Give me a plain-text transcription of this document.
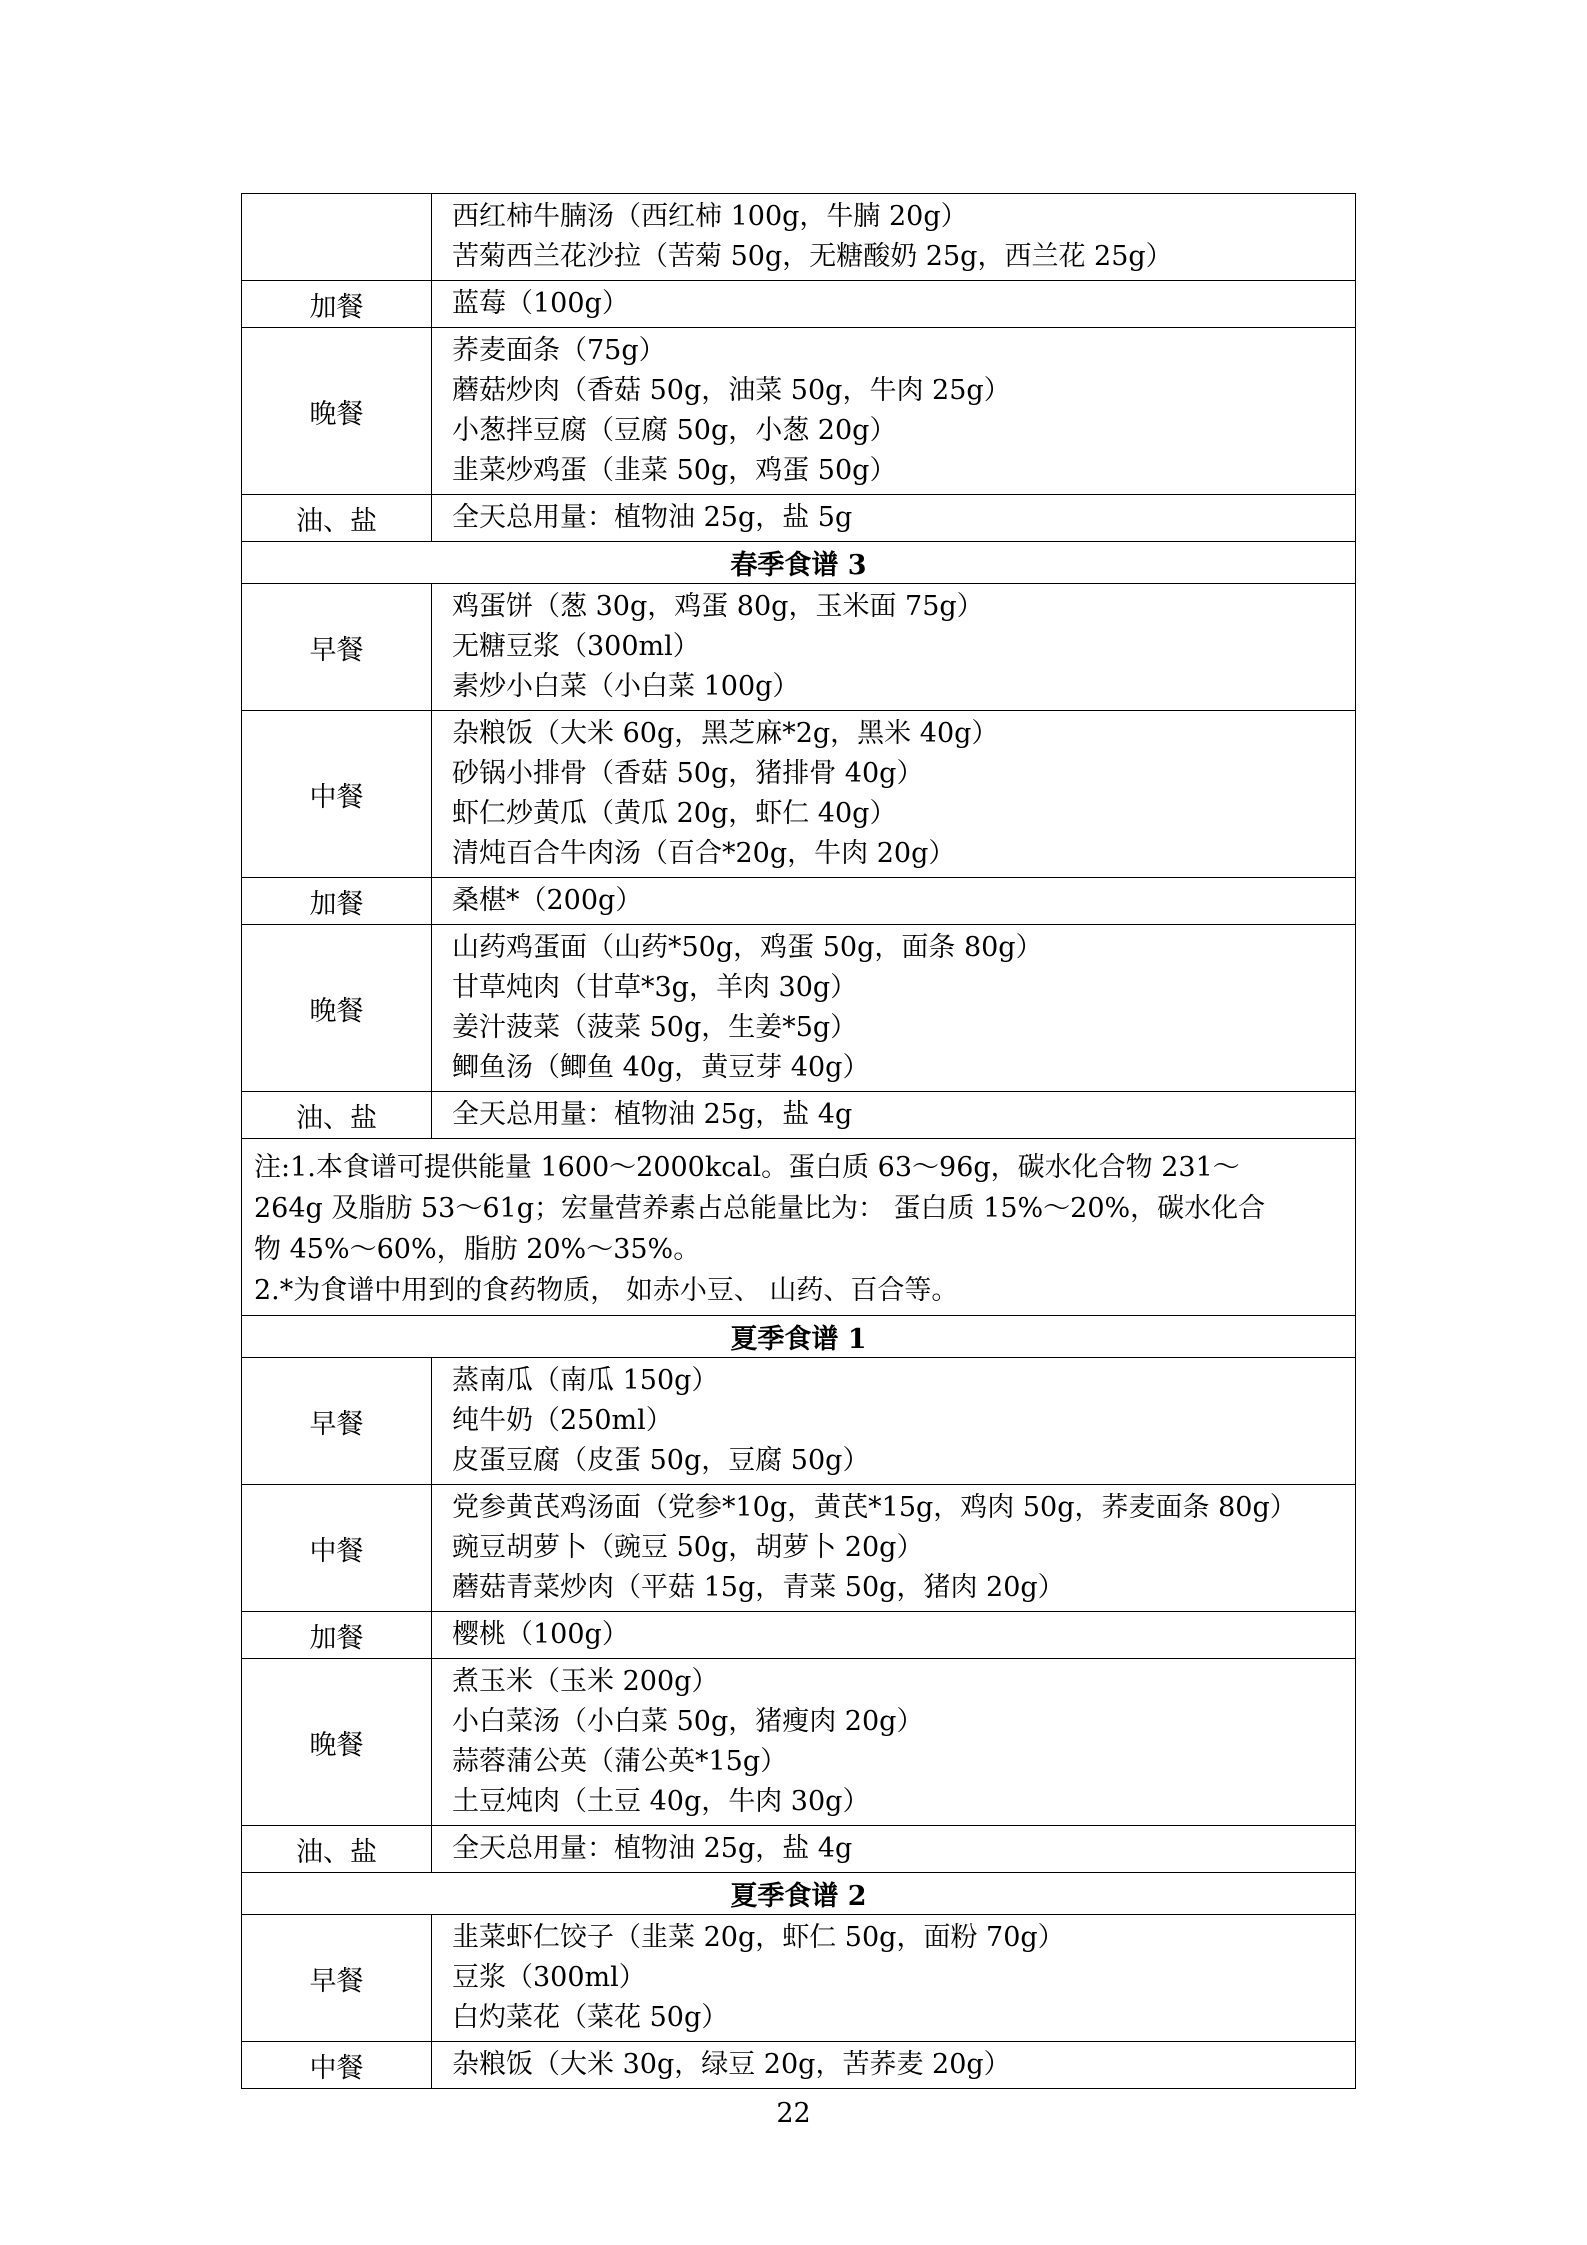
	西红柿牛腩汤（西红柿 100g，牛腩 20g）
苦菊西兰花沙拉（苦菊 50g，无糖酸奶 25g，西兰花 25g）

加餐	蓝莓（100g）

晚餐	荞麦面条（75g）
蘑菇炒肉（香菇 50g，油菜 50g，牛肉 25g）
小葱拌豆腐（豆腐 50g，小葱 20g）
韭菜炒鸡蛋（韭菜 50g，鸡蛋 50g）

油、盐	全天总用量：植物油 25g，盐 5g

春季食谱 3	
早餐	鸡蛋饼（葱 30g，鸡蛋 80g，玉米面 75g）
无糖豆浆（300ml）
素炒小白菜（小白菜 100g）

中餐	杂粮饭（大米 60g，黑芝麻*2g，黑米 40g）
砂锅小排骨（香菇 50g，猪排骨 40g）
虾仁炒黄瓜（黄瓜 20g，虾仁 40g）
清炖百合牛肉汤（百合*20g，牛肉 20g）

加餐	桑椹*（200g）

晚餐	山药鸡蛋面（山药*50g，鸡蛋 50g，面条 80g）
甘草炖肉（甘草*3g，羊肉 30g）
姜汁菠菜（菠菜 50g，生姜*5g）
鲫鱼汤（鲫鱼 40g，黄豆芽 40g）

油、盐	全天总用量：植物油 25g，盐 4g

注:1.本食谱可提供能量 1600～2000kcal。蛋白质 63～96g，碳水化合物 231～
264g 及脂肪 53～61g；宏量营养素占总能量比为： 蛋白质 15%～20%，碳水化合
物 45%～60%，脂肪 20%～35%。
2.*为食谱中用到的食药物质， 如赤小豆、 山药、百合等。	

夏季食谱 1	
早餐	蒸南瓜（南瓜 150g）
纯牛奶（250ml）
皮蛋豆腐（皮蛋 50g，豆腐 50g）

中餐	党参黄芪鸡汤面（党参*10g，黄芪*15g，鸡肉 50g，荞麦面条 80g）
豌豆胡萝卜（豌豆 50g，胡萝卜 20g）
蘑菇青菜炒肉（平菇 15g，青菜 50g，猪肉 20g）

加餐	樱桃（100g）

晚餐	煮玉米（玉米 200g）
小白菜汤（小白菜 50g，猪瘦肉 20g）
蒜蓉蒲公英（蒲公英*15g）
土豆炖肉（土豆 40g，牛肉 30g）

油、盐	全天总用量：植物油 25g，盐 4g

夏季食谱 2	
早餐	韭菜虾仁饺子（韭菜 20g，虾仁 50g，面粉 70g）
豆浆（300ml）
白灼菜花（菜花 50g）

中餐	杂粮饭（大米 30g，绿豆 20g，苦荞麦 20g）
22
